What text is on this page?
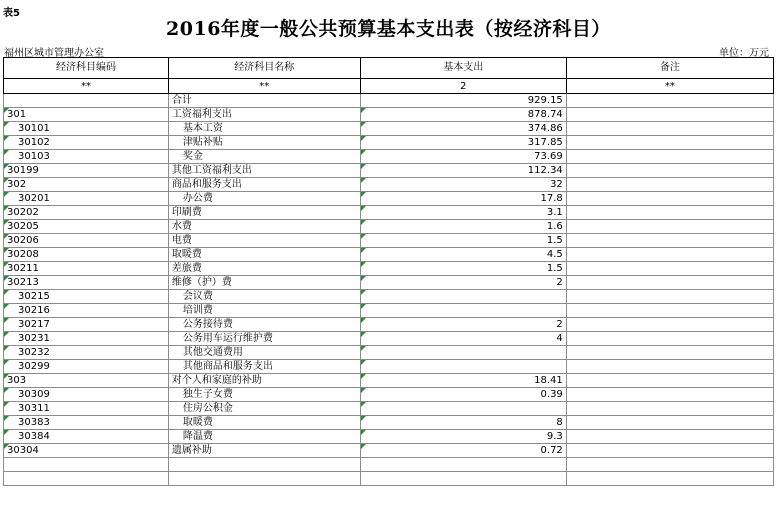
表5
2016年度一般公共预算基本支出表（按经济科目）
福州区城市管理办公室	单位：万元
经济科目编码	经济科目名称	基本支出	备注
**	**	2	**
	合计	929.15	

301	工资福利支出	878.74	

30101	基本工资	374.86	

30102	津贴补贴	317.85	

30103	奖金	73.69	

30199	其他工资福利支出	112.34	

302	商品和服务支出	32	

30201	办公费	17.8	

30202	印刷费	3.1	

30205	水费	1.6	

30206	电费	1.5	

30208	取暖费	4.5	

30211	差旅费	1.5	

30213	维修（护）费	2	

30215	会议费	

30216	培训费	

30217	公务接待费	2	

30231	公务用车运行维护费	4	

30232	其他交通费用	

30299	其他商品和服务支出	

303	对个人和家庭的补助	18.41	

30309	独生子女费	0.39	

30311	住房公积金	

30383	取暖费	8	

30384	降温费	9.3	

30304	遗属补助	0.72	
